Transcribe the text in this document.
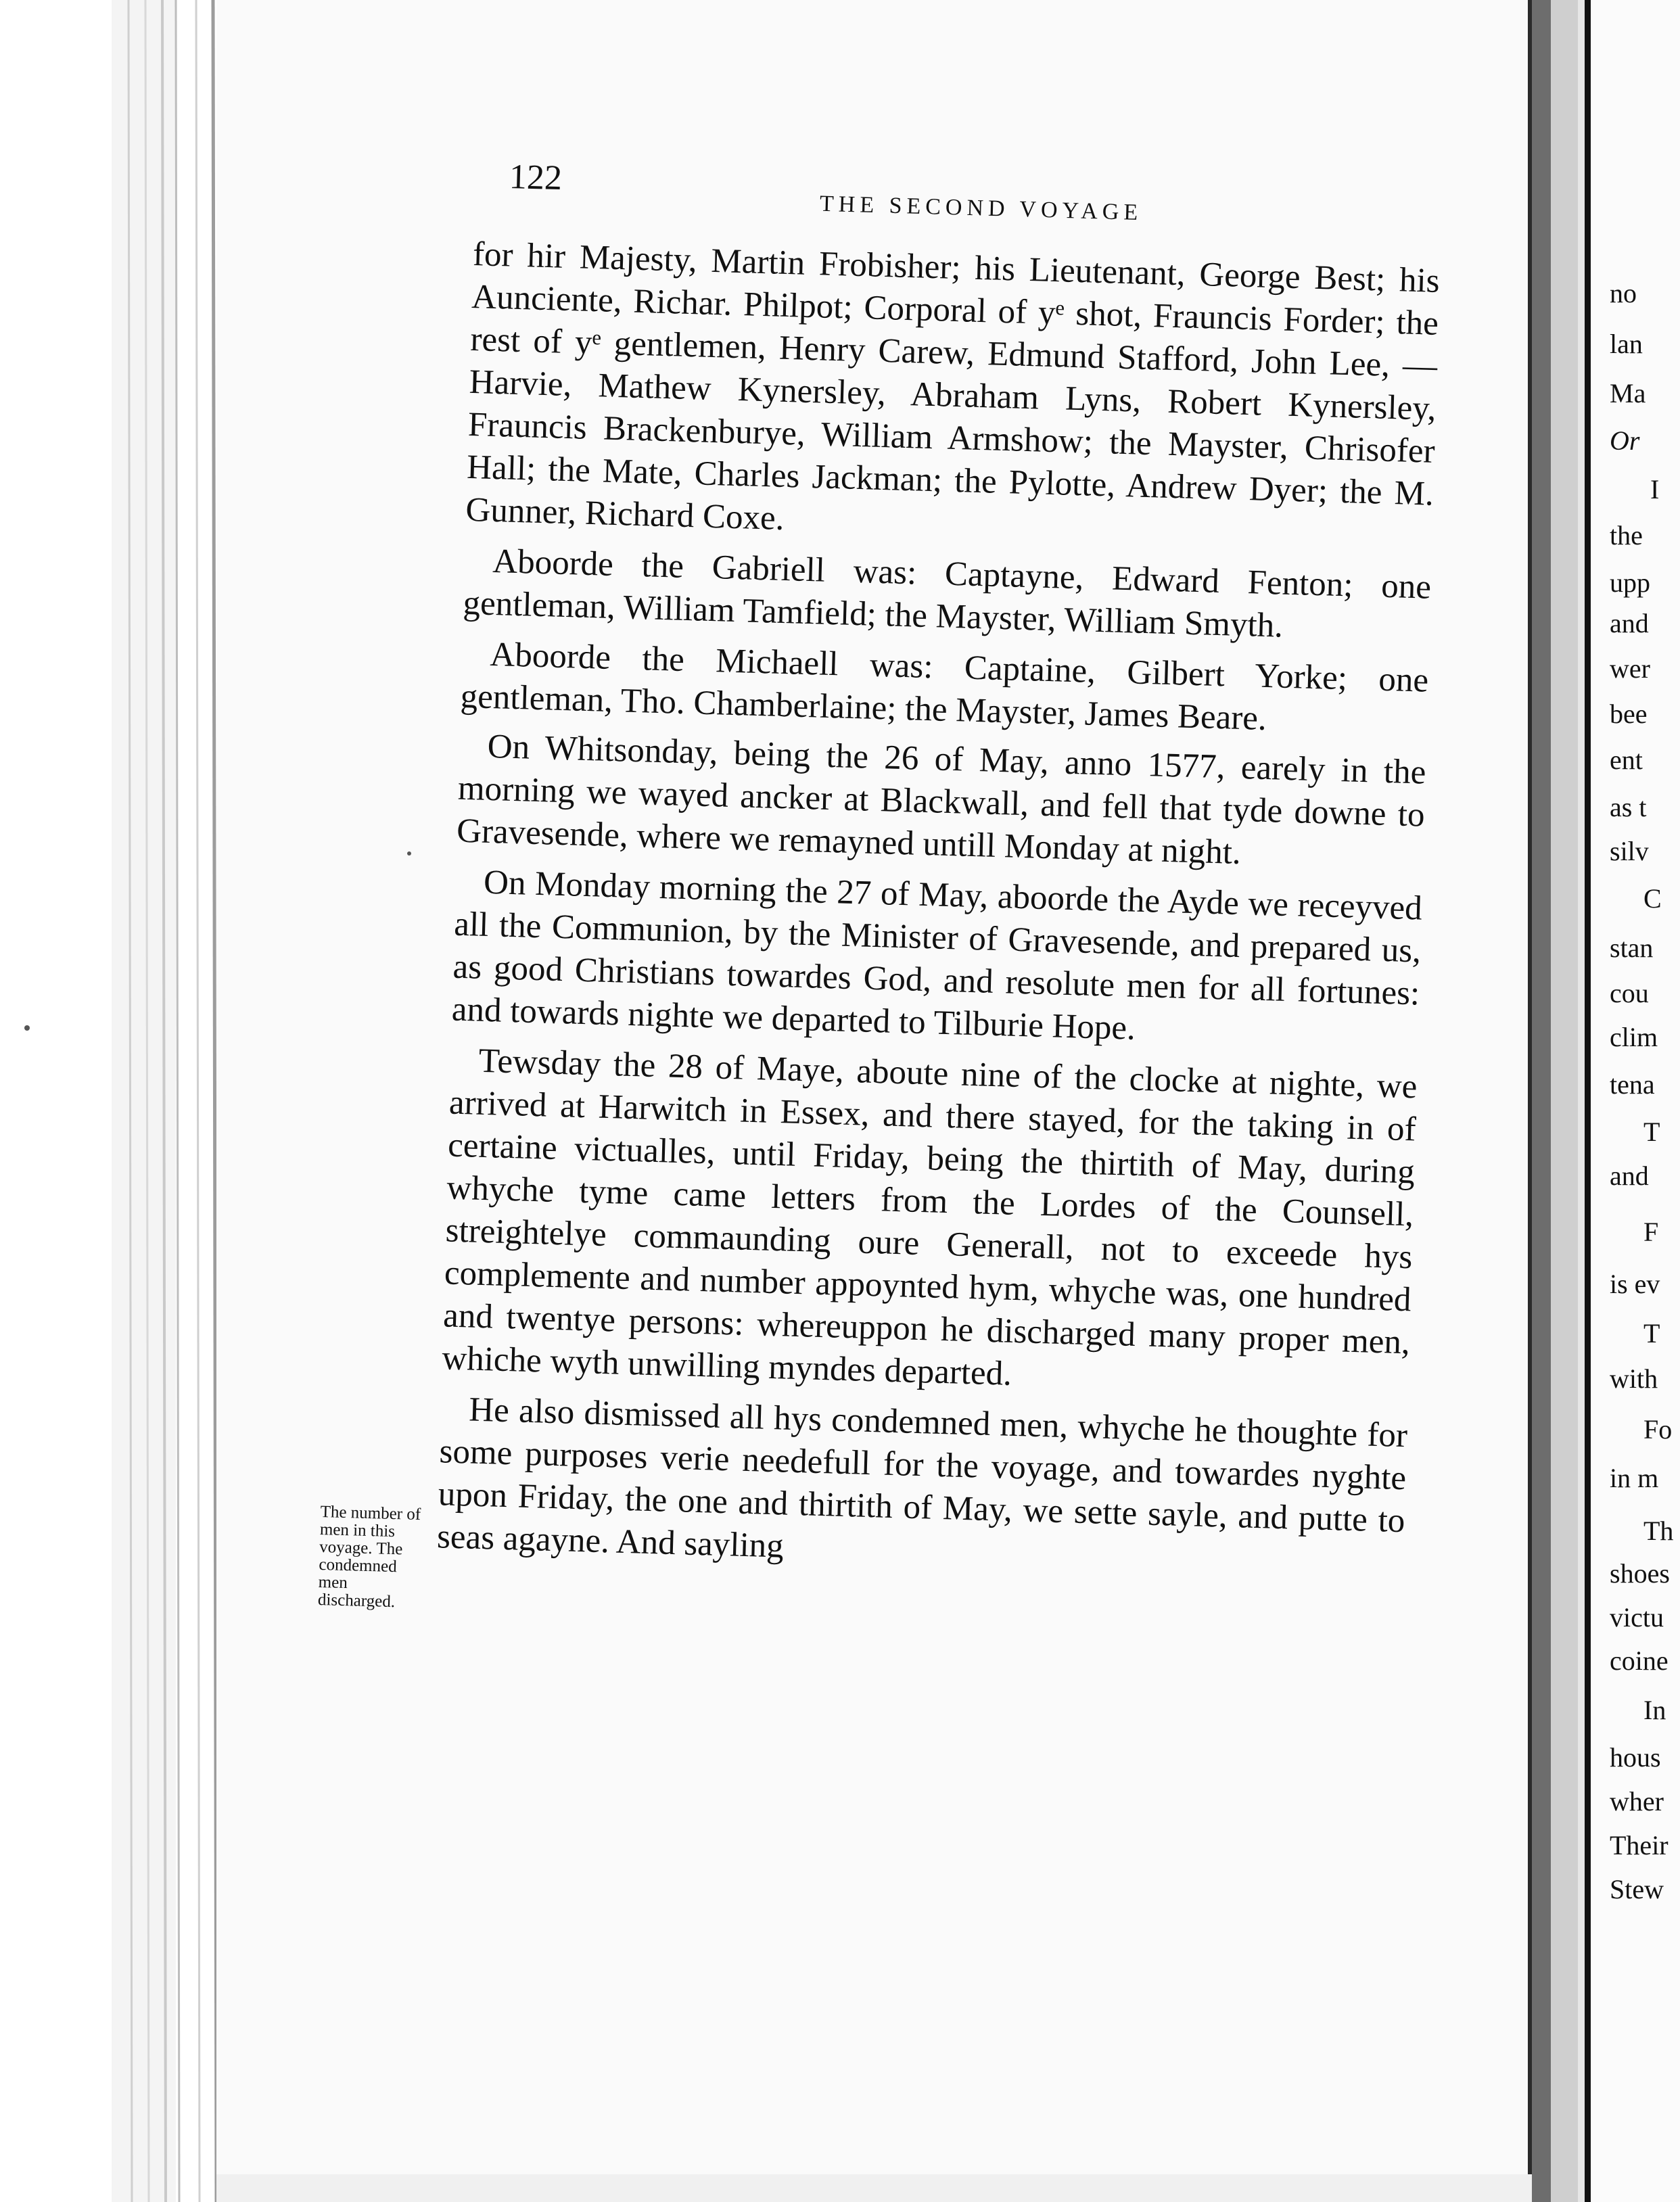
122
THE SECOND VOYAGE

for hir Majesty, Martin Frobisher; his Lieutenant, George Best; his Aunciente, Richar. Philpot; Corporal of yᵉ shot, Frauncis Forder; the rest of yᵉ gentlemen, Henry Carew, Edmund Stafford, John Lee, — Harvie, Mathew Kynersley, Abraham Lyns, Robert Kynersley, Frauncis Brackenburye, William Armshow; the Mayster, Chrisofer Hall; the Mate, Charles Jackman; the Pylotte, Andrew Dyer; the M. Gunner, Richard Coxe.

Aboorde the Gabriell was: Captayne, Edward Fenton; one gentleman, William Tamfield; the Mayster, William Smyth.

Aboorde the Michaell was: Captaine, Gilbert Yorke; one gentleman, Tho. Chamberlaine; the Mayster, James Beare.

On Whitsonday, being the 26 of May, anno 1577, earely in the morning we wayed ancker at Blackwall, and fell that tyde downe to Gravesende, where we remayned untill Monday at night.

On Monday morning the 27 of May, aboorde the Ayde we receyved all the Communion, by the Minister of Gravesende, and prepared us, as good Christians towardes God, and resolute men for all fortunes: and towards nighte we departed to Tilburie Hope.

Tewsday the 28 of Maye, aboute nine of the clocke at nighte, we arrived at Harwitch in Essex, and there stayed, for the taking in of certaine victualles, until Friday, being the thirtith of May, during whyche tyme came letters from the Lordes of the Counsell, streightelye commaunding oure Generall, not to exceede hys complemente and number appoynted hym, whyche was, one hundred and twentye persons: whereuppon he discharged many proper men, whiche wyth unwilling myndes departed.

He also dismissed all hys condemned men, whyche he thoughte for some purposes verie needefull for the voyage, and towardes nyghte upon Friday, the one and thirtith of May, we sette sayle, and putte to seas agayne. And sayling

The number of men in this voyage. The condemned men discharged.
no
lan
Ma
Or
I
the
upp
and
wer
bee
ent
as t
silv
C
stan
cou
clim
tena
T
and
F
is ev
T
with
Fo
in m
Th
shoes
victu
coine
In
hous
wher
Their
Stew
